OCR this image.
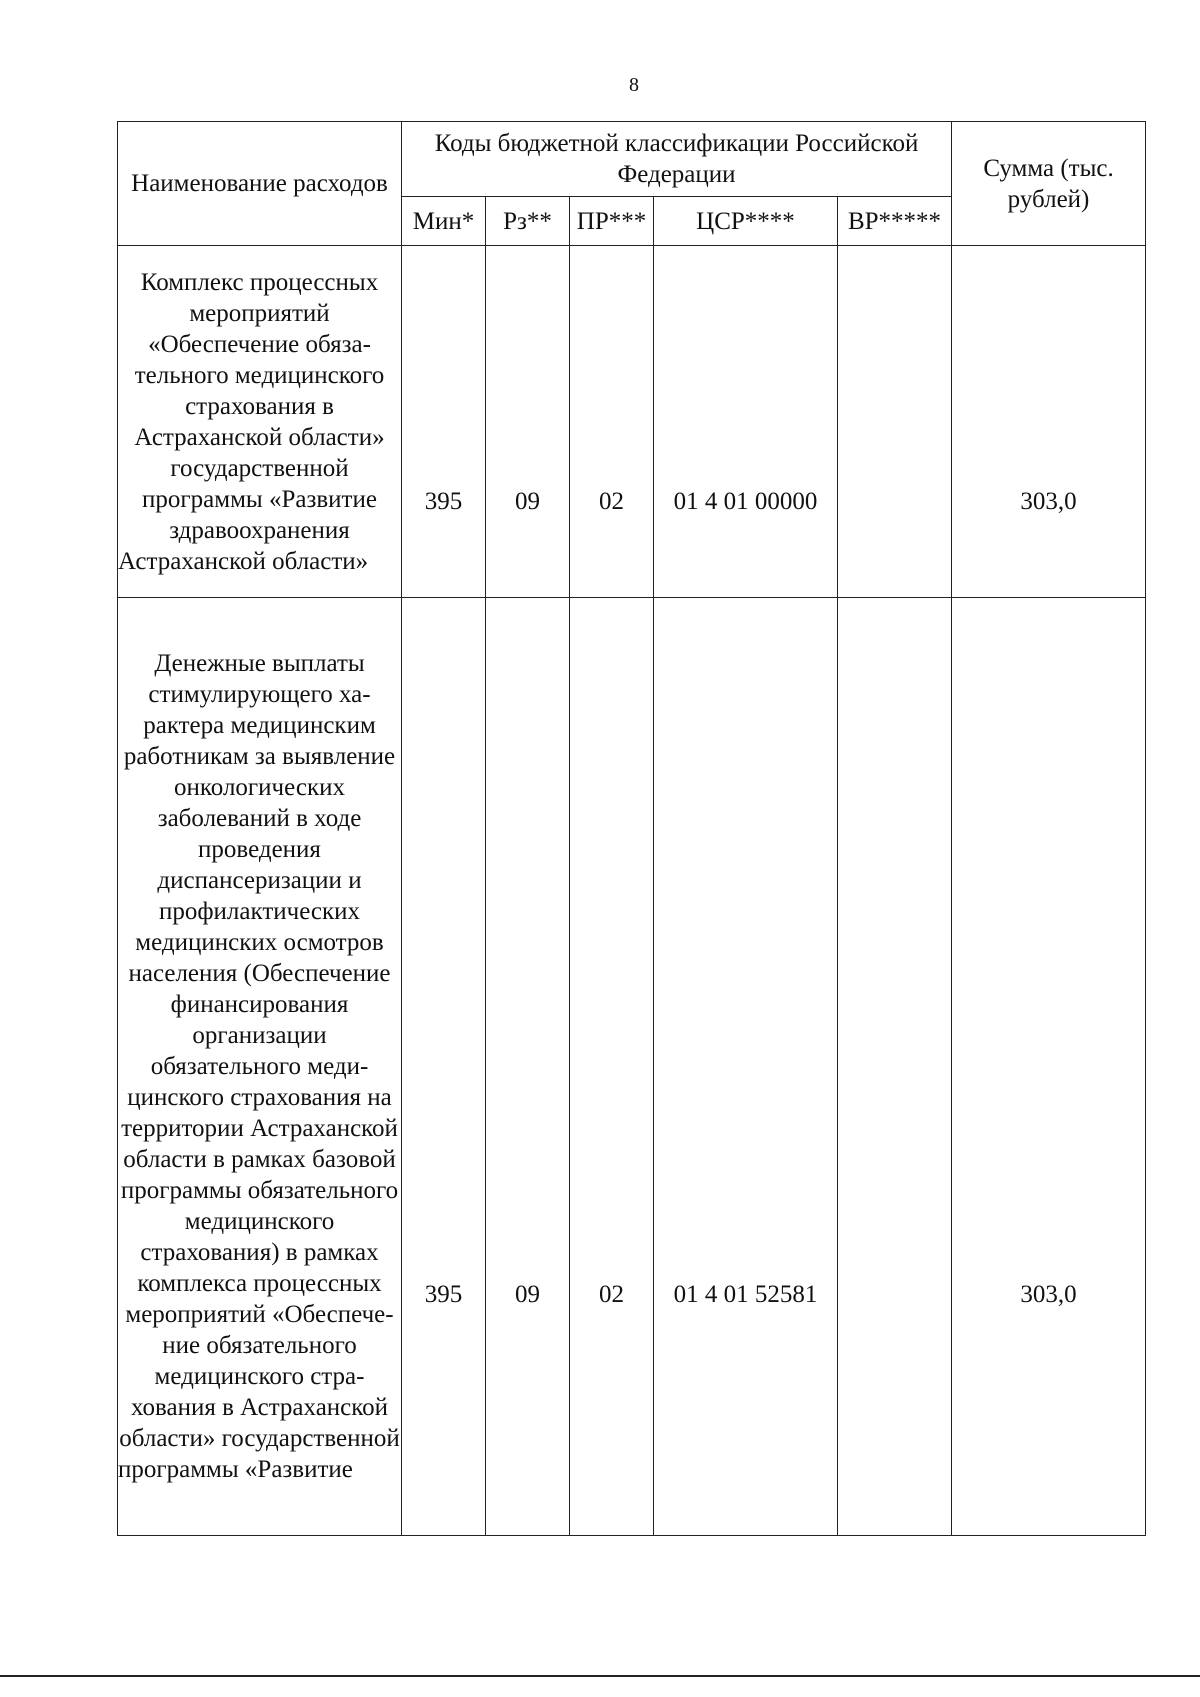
8
Наименование расходов	Коды бюджетной классификации Российской Федерации					Сумма (тыс. рублей)
	Мин*	Рз**	ПР***	ЦСР****	ВР*****	
Комплекс процессных мероприятий «Обеспечение обязательного медицинского страхования в Астраханской области» государственной программы «Развитие здравоохранения Астраханской области»	395	09	02	01 4 01 00000		303,0

Денежные выплаты стимулирующего характера медицинским работникам за выявление онкологических заболеваний в ходе проведения диспансеризации и профилактических медицинских осмотров населения (Обеспечение финансирования организации обязательного медицинского страхования на территории Астраханской области в рамках базовой программы обязательного медицинского страхования) в рамках комплекса процессных мероприятий «Обеспечение обязательного медицинского страхования в Астраханской области» государственной программы «Развитие	395	09	02	01 4 01 52581		303,0
